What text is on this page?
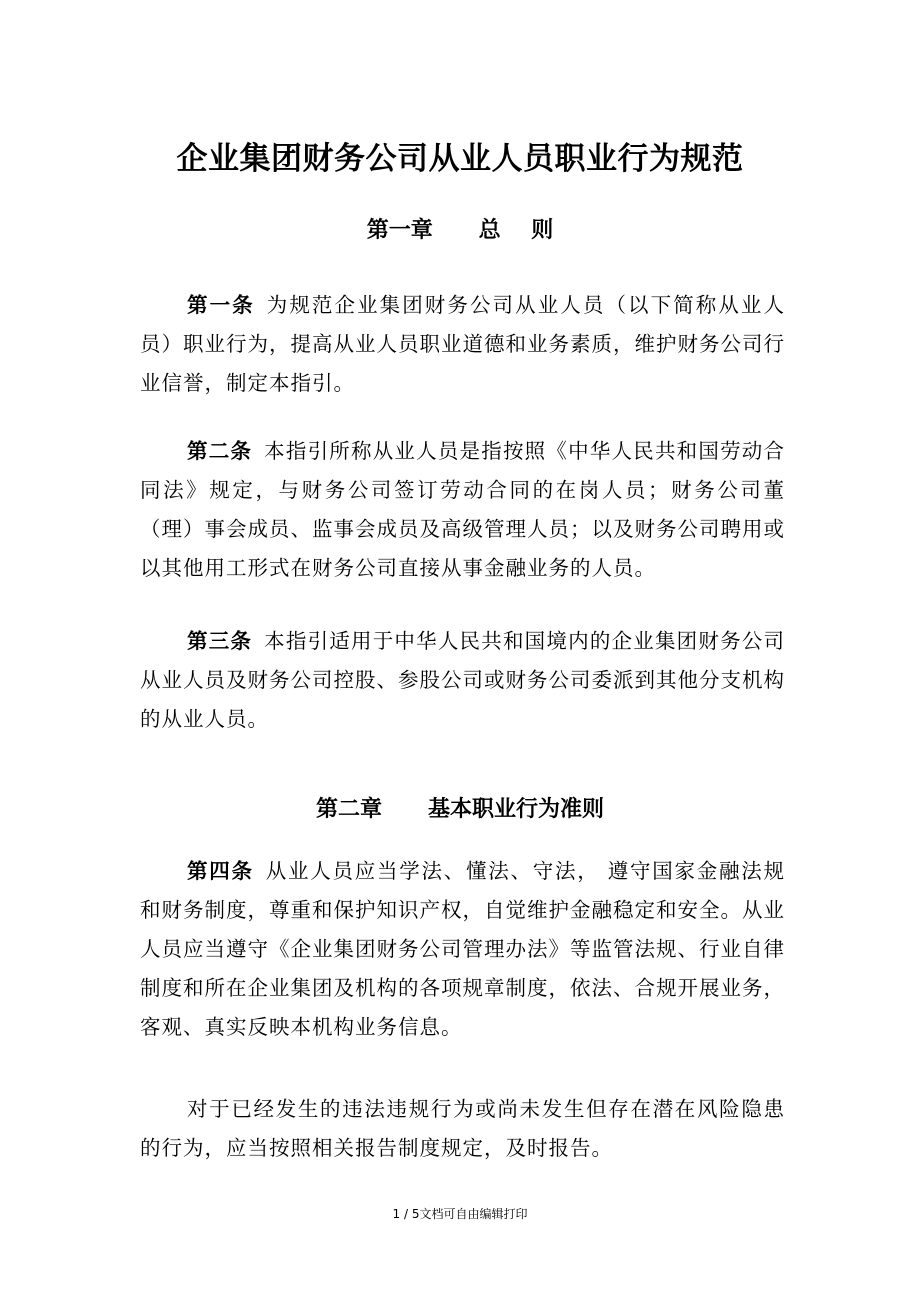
企业集团财务公司从业人员职业行为规范
第一章      总    则

第一条 为规范企业集团财务公司从业人员（以下简称从业人员）职业行为，提高从业人员职业道德和业务素质，维护财务公司行业信誉，制定本指引。

第二条 本指引所称从业人员是指按照《中华人民共和国劳动合同法》规定，与财务公司签订劳动合同的在岗人员；财务公司董（理）事会成员、监事会成员及高级管理人员；以及财务公司聘用或以其他用工形式在财务公司直接从事金融业务的人员。

第三条 本指引适用于中华人民共和国境内的企业集团财务公司从业人员及财务公司控股、参股公司或财务公司委派到其他分支机构的从业人员。

第二章      基本职业行为准则

第四条 从业人员应当学法、懂法、守法， 遵守国家金融法规和财务制度，尊重和保护知识产权，自觉维护金融稳定和安全。从业人员应当遵守《企业集团财务公司管理办法》等监管法规、行业自律制度和所在企业集团及机构的各项规章制度，依法、合规开展业务，客观、真实反映本机构业务信息。

对于已经发生的违法违规行为或尚未发生但存在潜在风险隐患的行为，应当按照相关报告制度规定，及时报告。

1 / 5文档可自由编辑打印
